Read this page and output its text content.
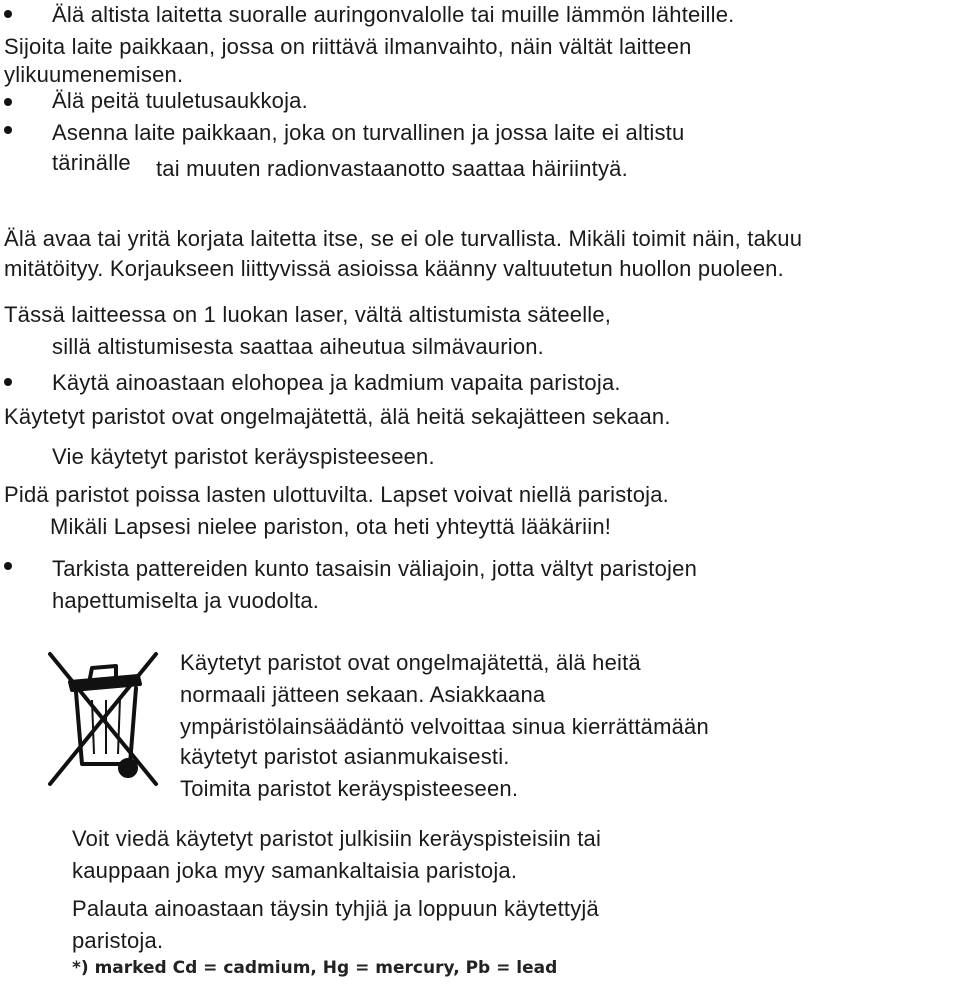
Älä altista laitetta suoralle auringonvalolle tai muille lämmön lähteille.
Sijoita laite paikkaan, jossa on riittävä ilmanvaihto, näin vältät laitteen
ylikuumenemisen.
Älä peitä tuuletusaukkoja.
Asenna laite paikkaan, joka on turvallinen ja jossa laite ei altistu
tärinälle tai muuten radionvastaanotto saattaa häiriintyä.
Älä avaa tai yritä korjata laitetta itse, se ei ole turvallista. Mikäli toimit näin, takuu
mitätöityy. Korjaukseen liittyvissä asioissa käänny valtuutetun huollon puoleen.
Tässä laitteessa on 1 luokan laser, vältä altistumista säteelle,
sillä altistumisesta saattaa aiheutua silmävaurion.
Käytä ainoastaan elohopea ja kadmium vapaita paristoja.
Käytetyt paristot ovat ongelmajätettä, älä heitä sekajätteen sekaan.
Vie käytetyt paristot keräyspisteeseen.
Pidä paristot poissa lasten ulottuvilta. Lapset voivat niellä paristoja.
Mikäli Lapsesi nielee pariston, ota heti yhteyttä lääkäriin!
Tarkista pattereiden kunto tasaisin väliajoin, jotta vältyt paristojen
hapettumiselta ja vuodolta.
Käytetyt paristot ovat ongelmajätettä, älä heitä
normaali jätteen sekaan. Asiakkaana
ympäristölainsäädäntö velvoittaa sinua kierrättämään
käytetyt paristot asianmukaisesti.
Toimita paristot keräyspisteeseen.
Voit viedä käytetyt paristot julkisiin keräyspisteisiin tai
kauppaan joka myy samankaltaisia paristoja.
Palauta ainoastaan täysin tyhjiä ja loppuun käytettyjä
paristoja.
*) marked Cd = cadmium, Hg = mercury, Pb = lead
